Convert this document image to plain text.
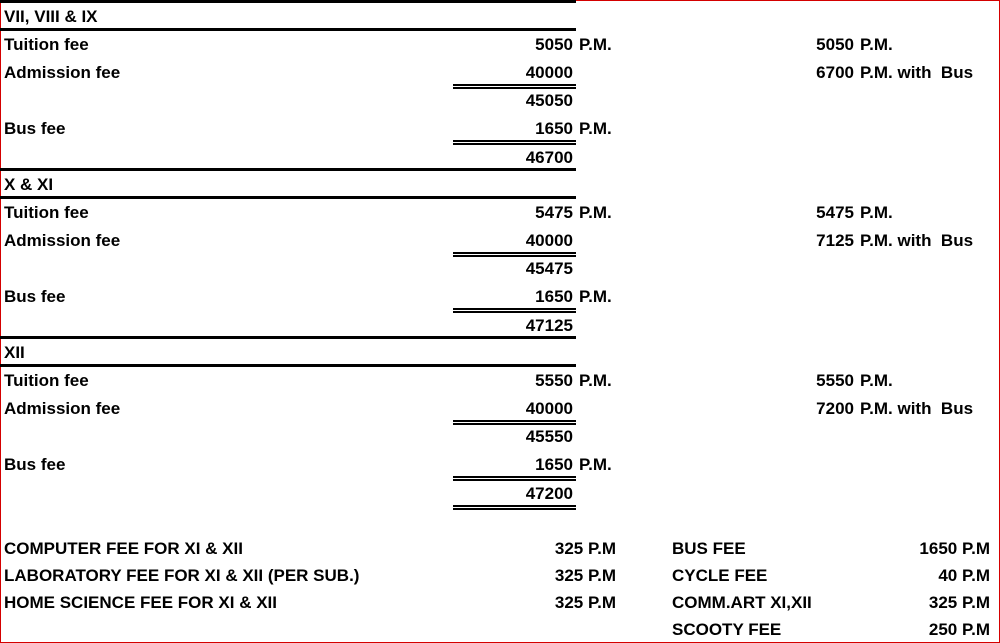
VII, VIII & IX
Tuition fee	5050 P.M.	5050 P.M.
Admission fee	40000	6700 P.M. with  Bus
45050
Bus fee	1650 P.M.
46700
X & XI
Tuition fee	5475 P.M.	5475 P.M.
Admission fee	40000	7125 P.M. with  Bus
45475
Bus fee	1650 P.M.
47125
XII
Tuition fee	5550 P.M.	5550 P.M.
Admission fee	40000	7200 P.M. with  Bus
45550
Bus fee	1650 P.M.
47200
COMPUTER FEE FOR XI & XII	325 P.M
LABORATORY FEE FOR XI & XII (PER SUB.)	325 P.M
HOME SCIENCE FEE FOR XI & XII	325 P.M
BUS FEE	1650 P.M
CYCLE FEE	40 P.M
COMM.ART XI,XII	325 P.M
SCOOTY FEE	250 P.M
